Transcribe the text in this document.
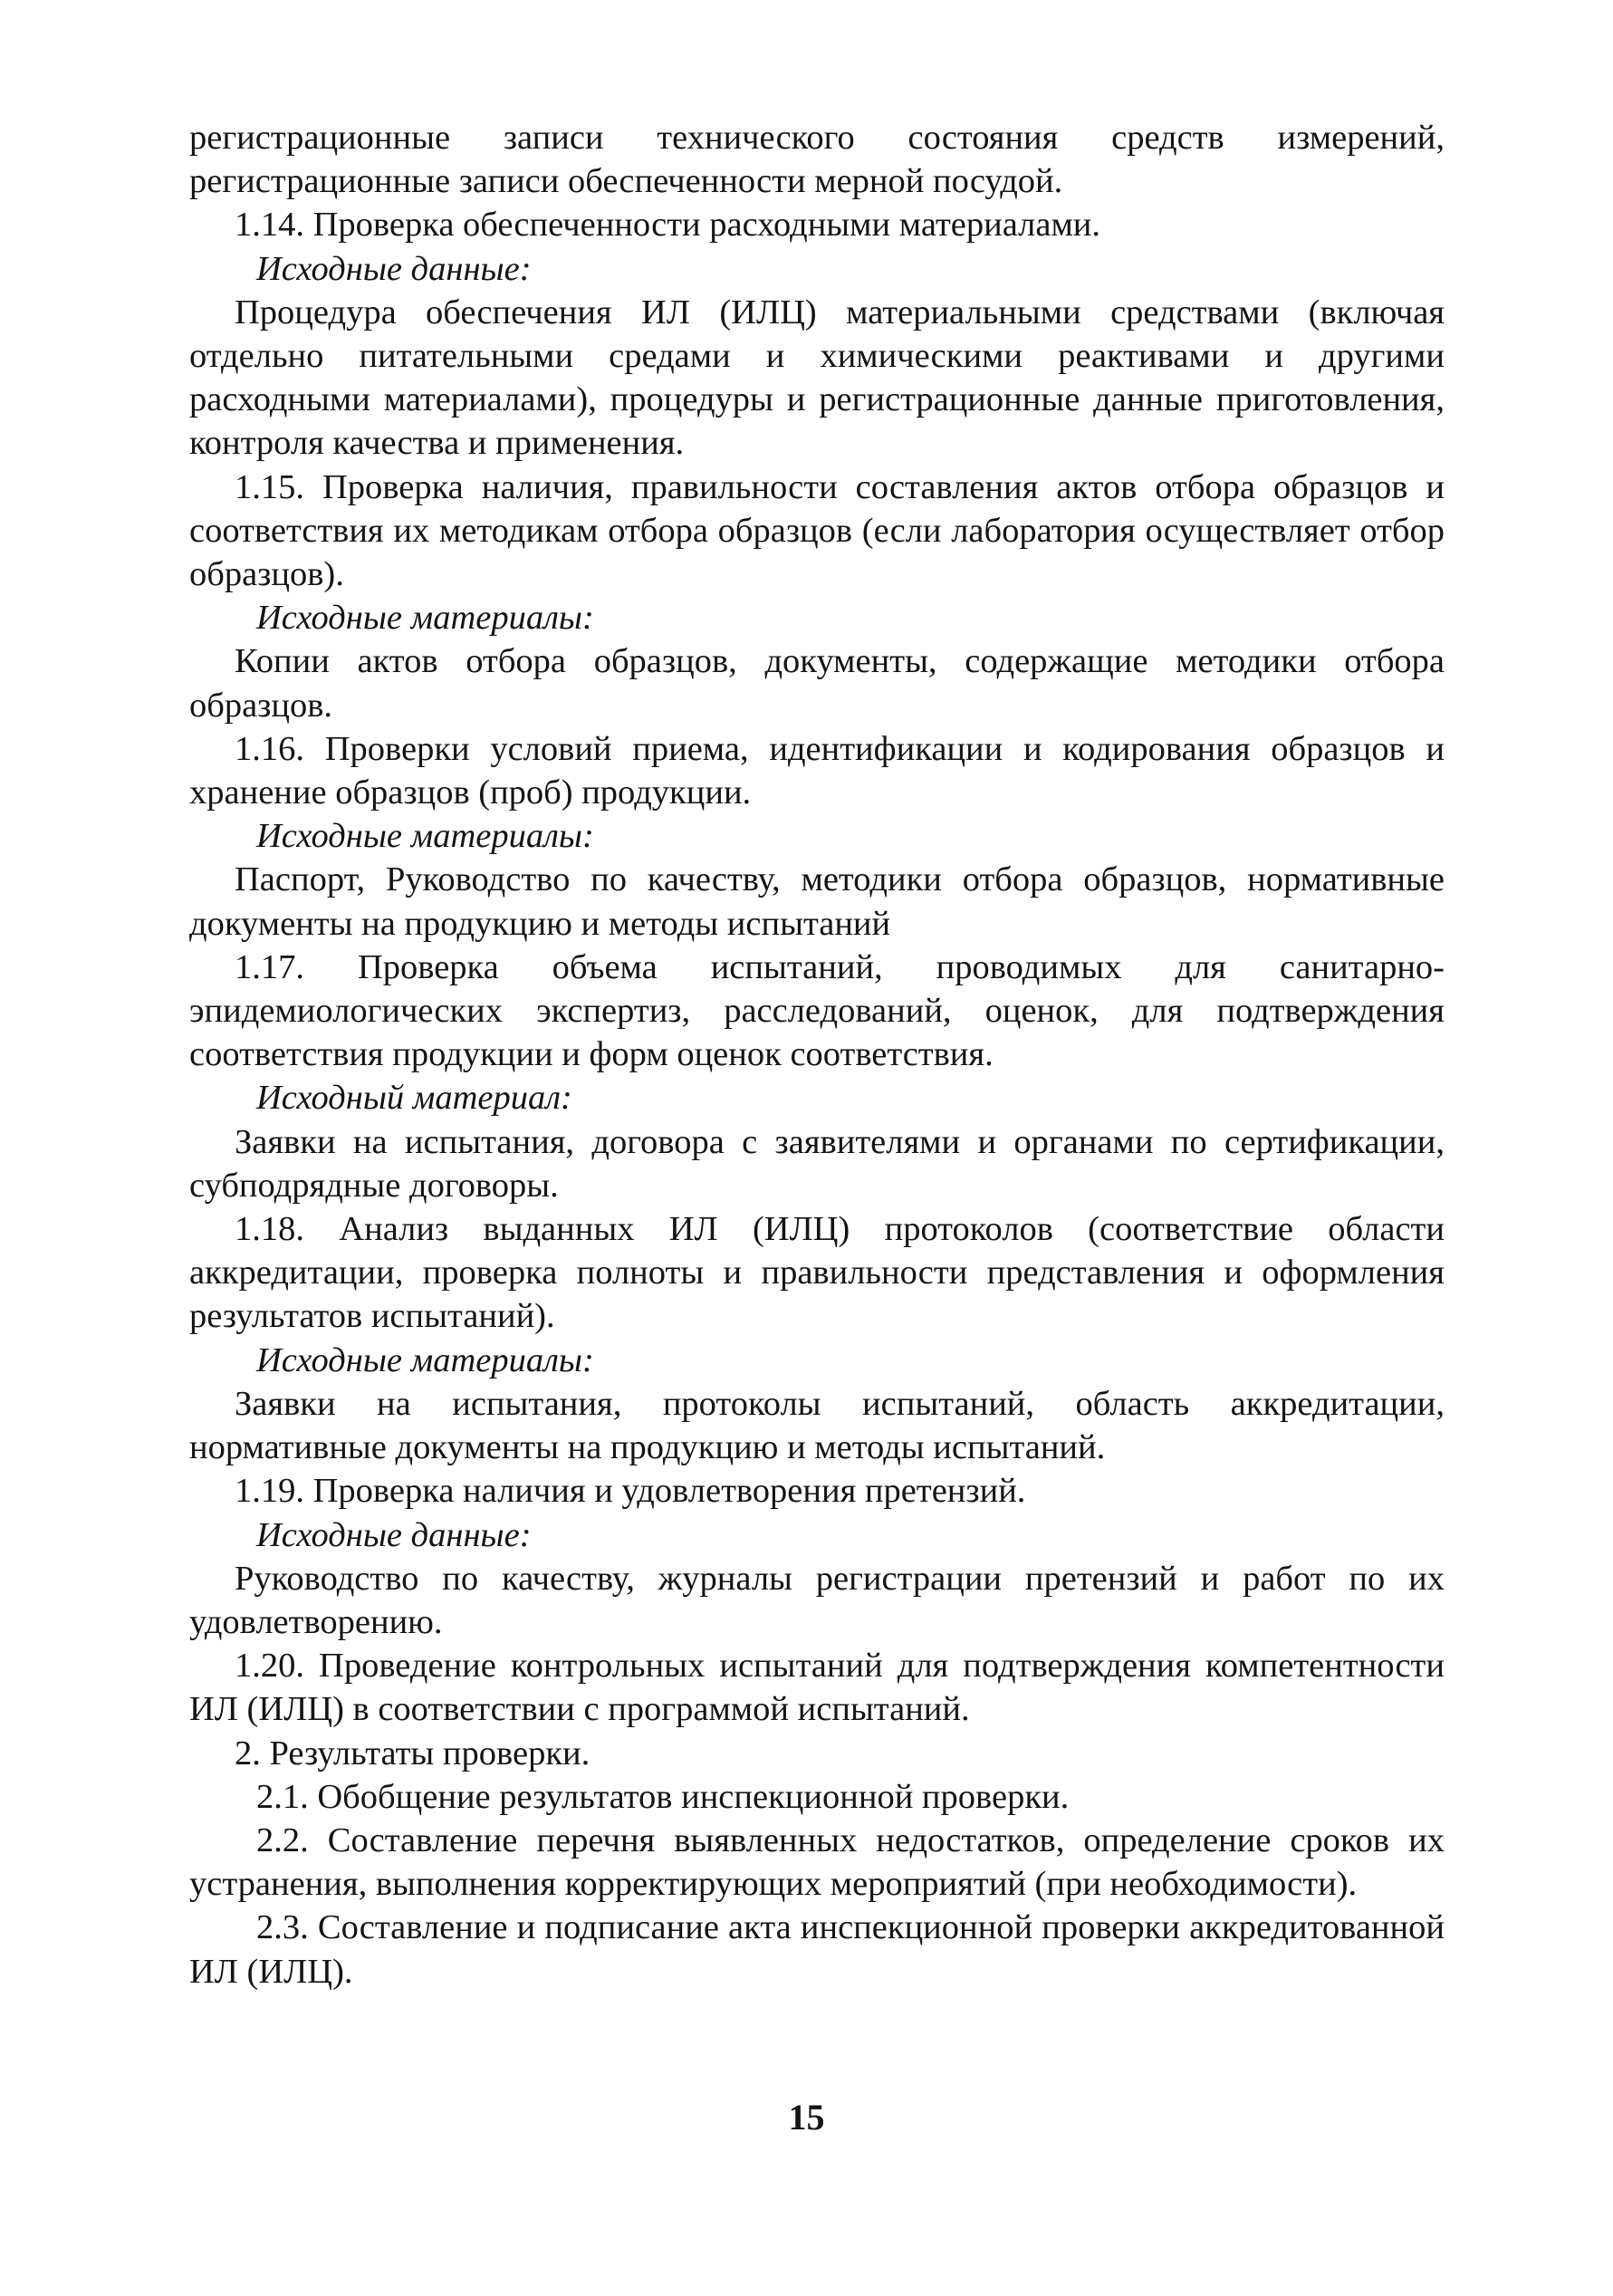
регистрационные записи технического состояния средств измерений, регистрационные записи обеспеченности мерной посудой.

1.14. Проверка обеспеченности расходными материалами.

Исходные данные:

Процедура обеспечения ИЛ (ИЛЦ) материальными средствами (включая отдельно питательными средами и химическими реактивами и другими расходными материалами), процедуры и регистрационные данные приготовления, контроля качества и применения.

1.15. Проверка наличия, правильности составления актов отбора образцов и соответствия их методикам отбора образцов (если лаборатория осуществляет отбор образцов).

Исходные материалы:

Копии актов отбора образцов, документы, содержащие методики отбора образцов.

1.16. Проверки условий приема, идентификации и кодирования образцов и хранение образцов (проб) продукции.

Исходные материалы:

Паспорт, Руководство по качеству, методики отбора образцов, нормативные документы на продукцию и методы испытаний

1.17. Проверка объема испытаний, проводимых для санитарно-эпидемиологических экспертиз, расследований, оценок, для подтверждения соответствия продукции и форм оценок соответствия.

Исходный материал:

Заявки на испытания, договора с заявителями и органами по сертификации, субподрядные договоры.

1.18. Анализ выданных ИЛ (ИЛЦ) протоколов (соответствие области аккредитации, проверка полноты и правильности представления и оформления результатов испытаний).

Исходные материалы:

Заявки на испытания, протоколы испытаний, область аккредитации, нормативные документы на продукцию и методы испытаний.

1.19. Проверка наличия и удовлетворения претензий.

Исходные данные:

Руководство по качеству, журналы регистрации претензий и работ по их удовлетворению.

1.20. Проведение контрольных испытаний для подтверждения компетентности ИЛ (ИЛЦ) в соответствии с программой испытаний.

2. Результаты проверки.

2.1. Обобщение результатов инспекционной проверки.

2.2. Составление перечня выявленных недостатков, определение сроков их устранения, выполнения корректирующих мероприятий (при необходимости).

2.3. Составление и подписание акта инспекционной проверки аккредитованной ИЛ (ИЛЦ).

15
